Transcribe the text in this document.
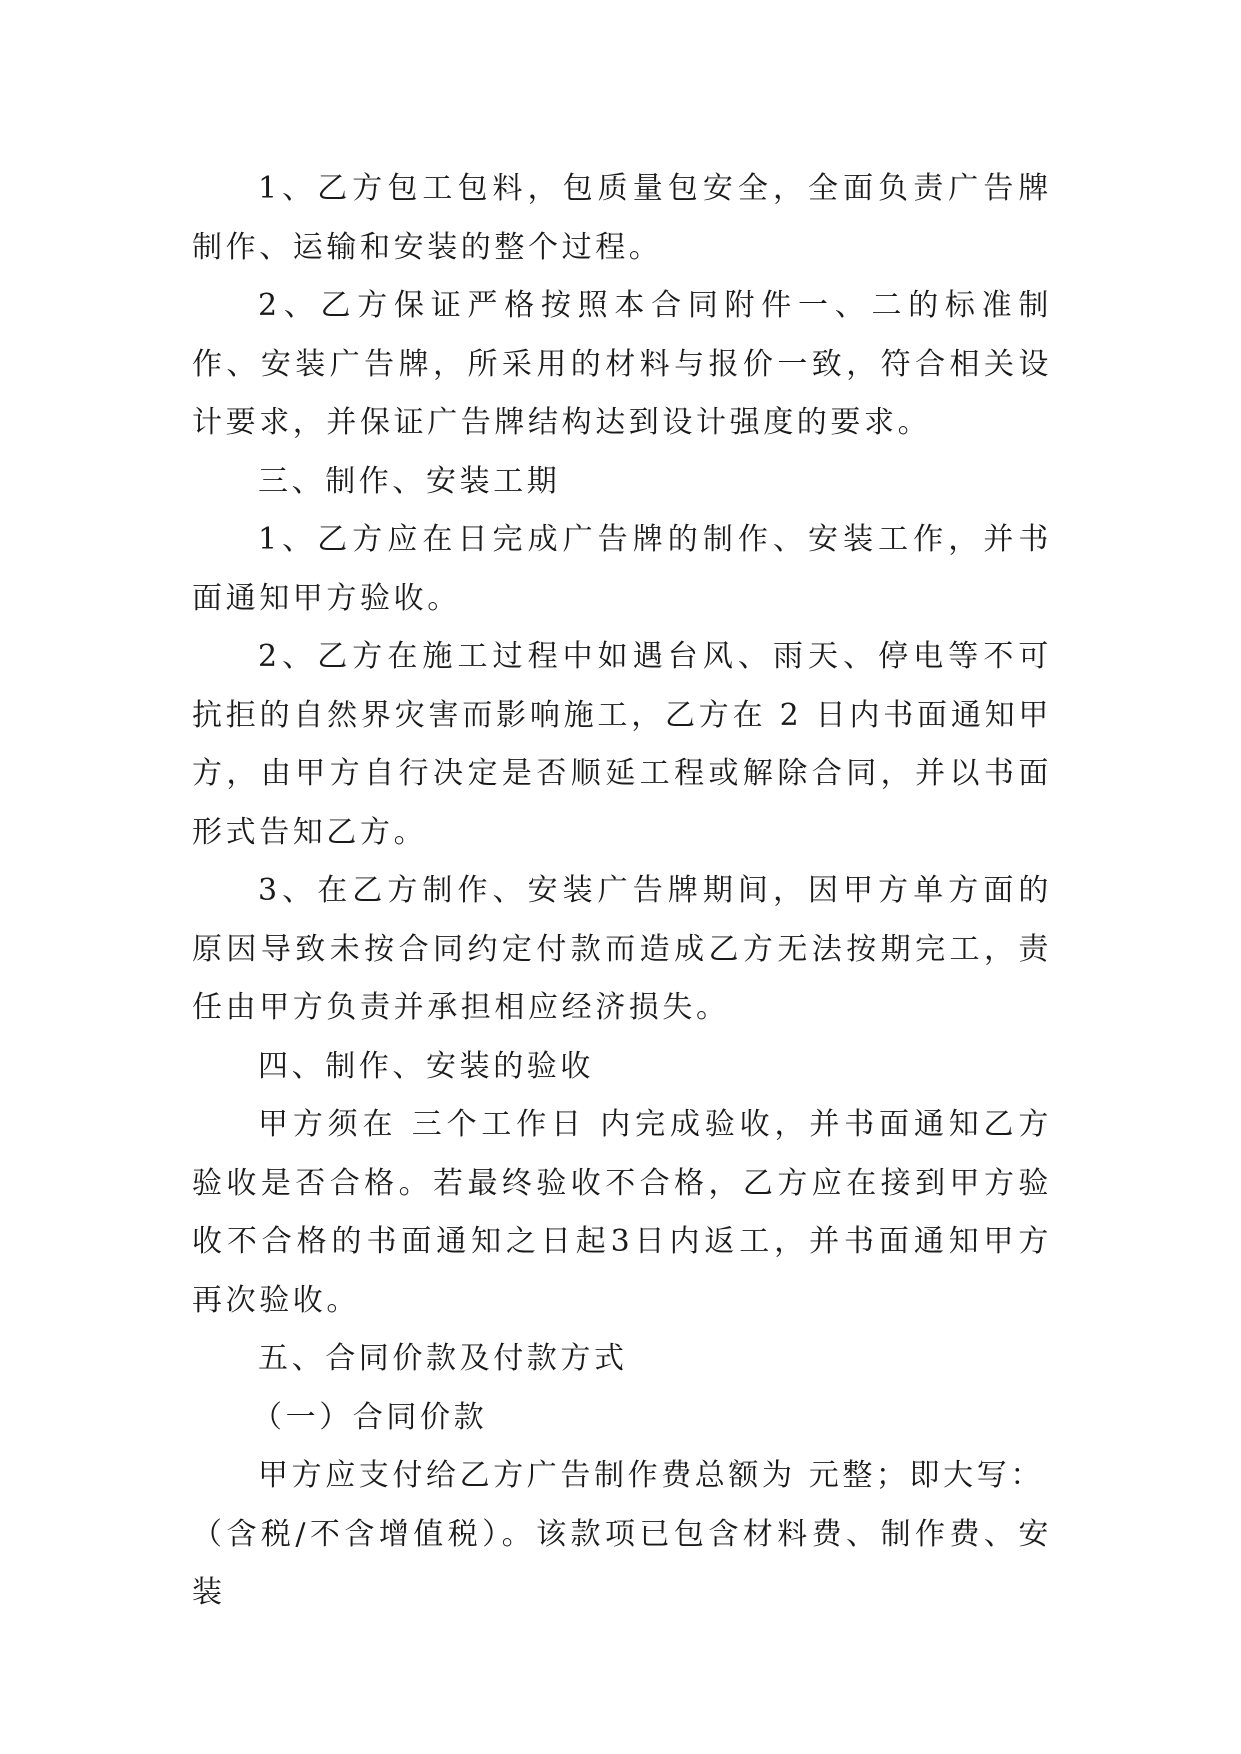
1、乙方包工包料，包质量包安全，全面负责广告牌制作、运输和安装的整个过程。

2、乙方保证严格按照本合同附件一、二的标准制作、安装广告牌，所采用的材料与报价一致，符合相关设计要求，并保证广告牌结构达到设计强度的要求。

三、制作、安装工期

1、乙方应在日完成广告牌的制作、安装工作，并书面通知甲方验收。

2、乙方在施工过程中如遇台风、雨天、停电等不可抗拒的自然界灾害而影响施工，乙方在 2 日内书面通知甲方，由甲方自行决定是否顺延工程或解除合同，并以书面形式告知乙方。

3、在乙方制作、安装广告牌期间，因甲方单方面的原因导致未按合同约定付款而造成乙方无法按期完工，责任由甲方负责并承担相应经济损失。

四、制作、安装的验收

甲方须在 三个工作日 内完成验收，并书面通知乙方验收是否合格。若最终验收不合格，乙方应在接到甲方验收不合格的书面通知之日起3日内返工，并书面通知甲方再次验收。

五、合同价款及付款方式

（一）合同价款

甲方应支付给乙方广告制作费总额为 元整；即大写：

（含税/不含增值税）。该款项已包含材料费、制作费、安装
